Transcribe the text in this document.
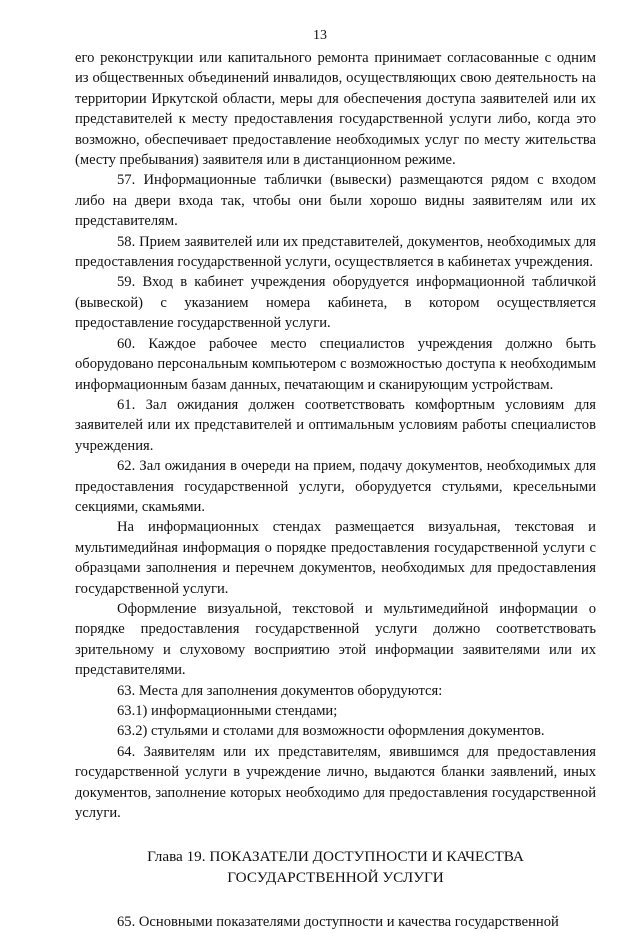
13

его реконструкции или капитального ремонта принимает согласованные с одним из общественных объединений инвалидов, осуществляющих свою деятельность на территории Иркутской области, меры для обеспечения доступа заявителей или их представителей к месту предоставления государственной услуги либо, когда это возможно, обеспечивает предоставление необходимых услуг по месту жительства (месту пребывания) заявителя или в дистанционном режиме.

57. Информационные таблички (вывески) размещаются рядом с входом либо на двери входа так, чтобы они были хорошо видны заявителям или их представителям.

58. Прием заявителей или их представителей, документов, необходимых для предоставления государственной услуги, осуществляется в кабинетах учреждения.

59. Вход в кабинет учреждения оборудуется информационной табличкой (вывеской) с указанием номера кабинета, в котором осуществляется предоставление государственной услуги.

60. Каждое рабочее место специалистов учреждения должно быть оборудовано персональным компьютером с возможностью доступа к необходимым информационным базам данных, печатающим и сканирующим устройствам.

61. Зал ожидания должен соответствовать комфортным условиям для заявителей или их представителей и оптимальным условиям работы специалистов учреждения.

62. Зал ожидания в очереди на прием, подачу документов, необходимых для предоставления государственной услуги, оборудуется стульями, кресельными секциями, скамьями.

На информационных стендах размещается визуальная, текстовая и мультимедийная информация о порядке предоставления государственной услуги с образцами заполнения и перечнем документов, необходимых для предоставления государственной услуги.

Оформление визуальной, текстовой и мультимедийной информации о порядке предоставления государственной услуги должно соответствовать зрительному и слуховому восприятию этой информации заявителями или их представителями.

63. Места для заполнения документов оборудуются:

63.1) информационными стендами;

63.2) стульями и столами для возможности оформления документов.

64. Заявителям или их представителям, явившимся для предоставления государственной услуги в учреждение лично, выдаются бланки заявлений, иных документов, заполнение которых необходимо для предоставления государственной услуги.

Глава 19. ПОКАЗАТЕЛИ ДОСТУПНОСТИ И КАЧЕСТВА
ГОСУДАРСТВЕННОЙ УСЛУГИ

65. Основными показателями доступности и качества государственной
